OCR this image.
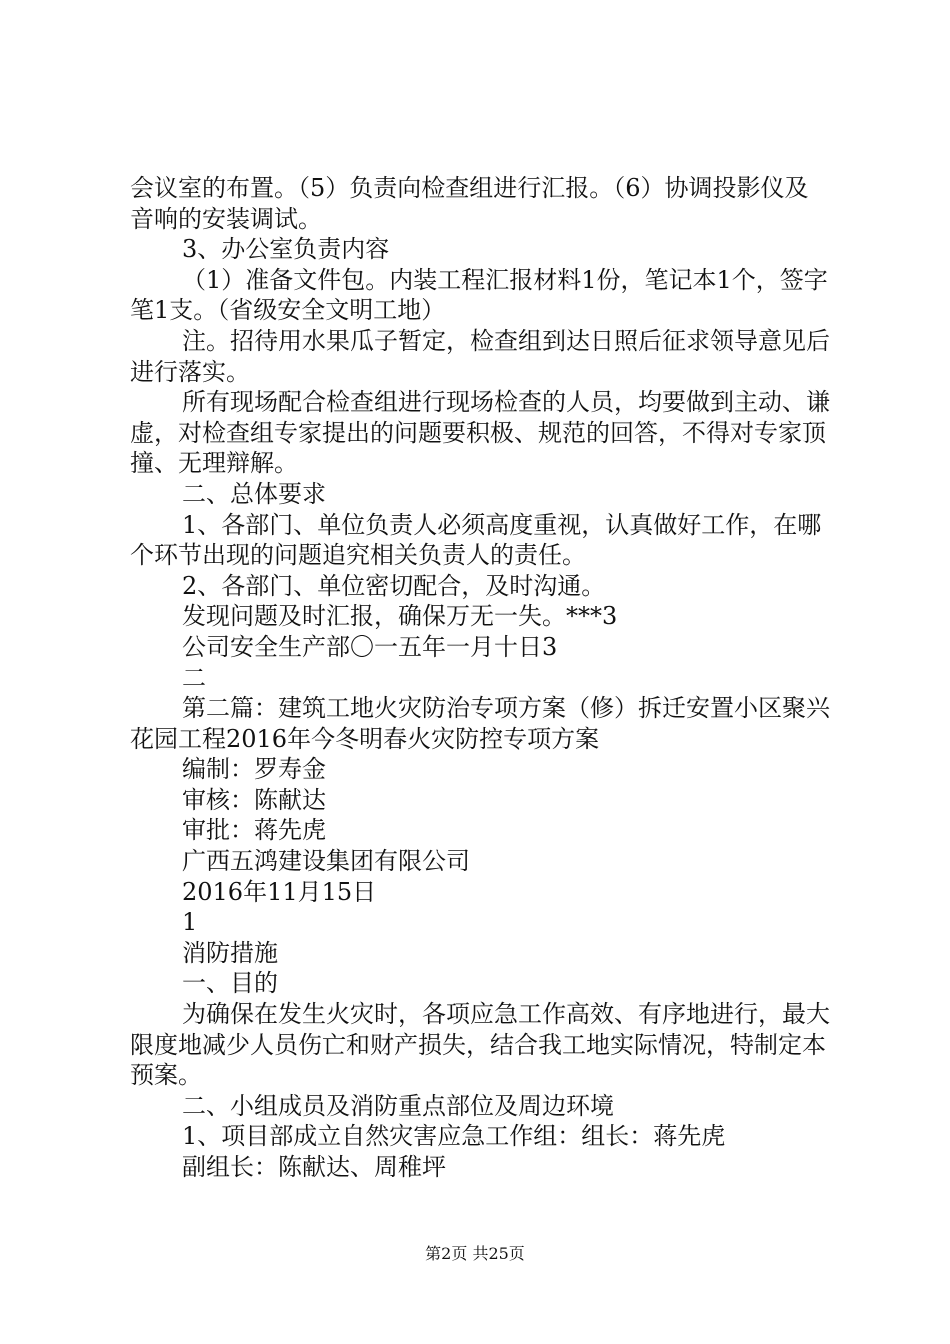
会议室的布置。（5）负责向检查组进行汇报。（6）协调投影仪及音响的安装调试。

3、办公室负责内容

（1）准备文件包。内装工程汇报材料1份，笔记本1个，签字笔1支。（省级安全文明工地）

注。招待用水果瓜子暂定，检查组到达日照后征求领导意见后进行落实。

所有现场配合检查组进行现场检查的人员，均要做到主动、谦虚，对检查组专家提出的问题要积极、规范的回答，不得对专家顶撞、无理辩解。

二、总体要求

1、各部门、单位负责人必须高度重视，认真做好工作，在哪个环节出现的问题追究相关负责人的责任。

2、各部门、单位密切配合，及时沟通。

发现问题及时汇报，确保万无一失。***3

公司安全生产部〇一五年一月十日3

二

第二篇：建筑工地火灾防治专项方案（修）拆迁安置小区聚兴花园工程2016年今冬明春火灾防控专项方案

编制：罗寿金

审核：陈献达

审批：蒋先虎

广西五鸿建设集团有限公司

2016年11月15日

1

消防措施

一、目的

为确保在发生火灾时，各项应急工作高效、有序地进行，最大限度地减少人员伤亡和财产损失，结合我工地实际情况，特制定本预案。

二、小组成员及消防重点部位及周边环境

1、项目部成立自然灾害应急工作组：组长：蒋先虎

副组长：陈献达、周稚坪

第2页 共25页
